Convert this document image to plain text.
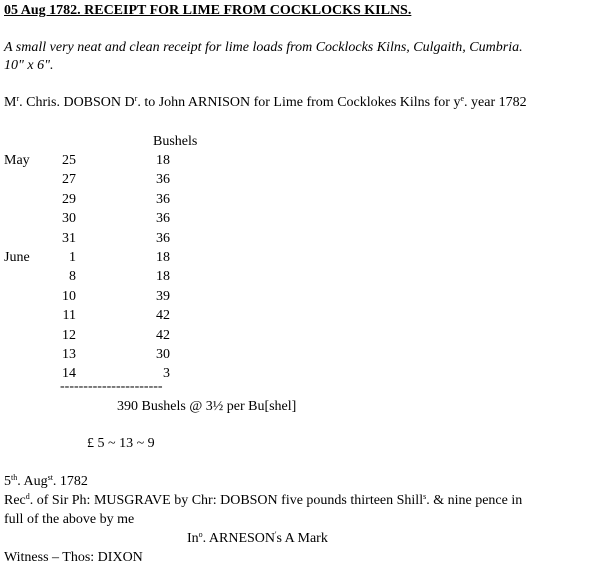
05 Aug 1782. RECEIPT FOR LIME FROM COCKLOCKS KILNS.
A small very neat and clean receipt for lime loads from Cocklocks Kilns, Culgaith, Cumbria.
10" x 6".
$M^r$. Chris. DOBSON $D^r$. to John ARNISON for Lime from Cocklokes Kilns for $y^e$. year 1782
Bushels
May 25	18
27	36
29	36
30	36
31	36
June	1	18
8	18
10	39
11	42
12	42
13	30
14	3
----------------------
390 Bushels @ 3½ per Bu[shel]
£ 5 ~ 13 ~ 9
5th. Aug$^{st}$. 1782
Rec$^d$. of Sir Ph: MUSGRAVE by Chr: DOBSON five pounds thirteen Shill$^s$. & nine pence in
full of the above by me
In$^o$. ARNESON's A Mark
Witness – Thos: DIXON
